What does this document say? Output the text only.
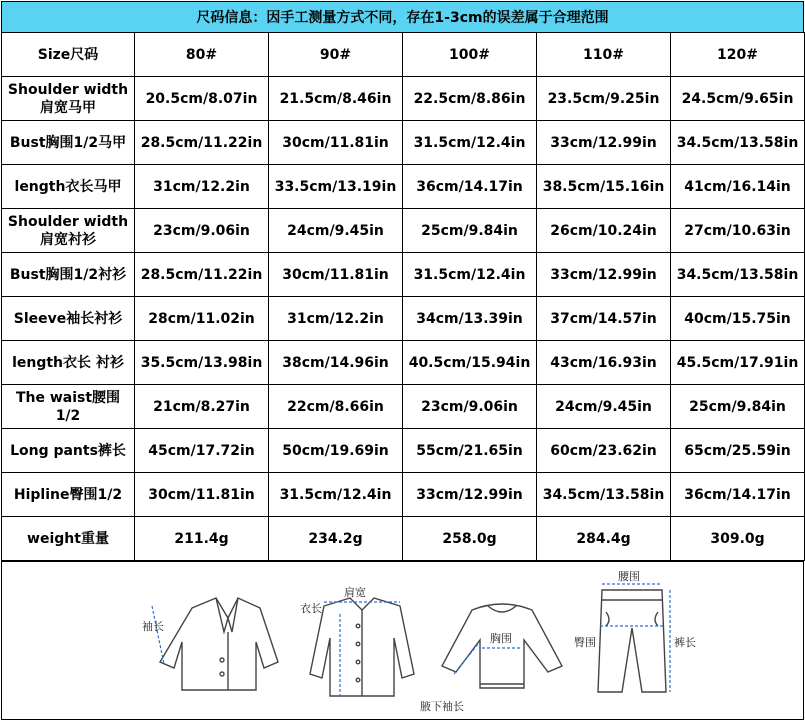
尺码信息：因手工测量方式不同，存在1-3cm的误差属于合理范围
Size尺码	80#	90#	100#	110#	120#
Shoulder width 肩宽马甲	20.5cm/8.07in	21.5cm/8.46in	22.5cm/8.86in	23.5cm/9.25in	24.5cm/9.65in
Bust胸围1/2马甲	28.5cm/11.22in	30cm/11.81in	31.5cm/12.4in	33cm/12.99in	34.5cm/13.58in
length衣长马甲	31cm/12.2in	33.5cm/13.19in	36cm/14.17in	38.5cm/15.16in	41cm/16.14in
Shoulder width 肩宽衬衫	23cm/9.06in	24cm/9.45in	25cm/9.84in	26cm/10.24in	27cm/10.63in
Bust胸围1/2衬衫	28.5cm/11.22in	30cm/11.81in	31.5cm/12.4in	33cm/12.99in	34.5cm/13.58in
Sleeve袖长衬衫	28cm/11.02in	31cm/12.2in	34cm/13.39in	37cm/14.57in	40cm/15.75in
length衣长 衬衫	35.5cm/13.98in	38cm/14.96in	40.5cm/15.94in	43cm/16.93in	45.5cm/17.91in
The waist腰围1/2	21cm/8.27in	22cm/8.66in	23cm/9.06in	24cm/9.45in	25cm/9.84in
Long pants裤长	45cm/17.72in	50cm/19.69in	55cm/21.65in	60cm/23.62in	65cm/25.59in
Hipline臀围1/2	30cm/11.81in	31.5cm/12.4in	33cm/12.99in	34.5cm/13.58in	36cm/14.17in
weight重量	211.4g	234.2g	258.0g	284.4g	309.0g
袖长
肩宽
衣长
胸围
腋下袖长
腰围
臀围	裤长
